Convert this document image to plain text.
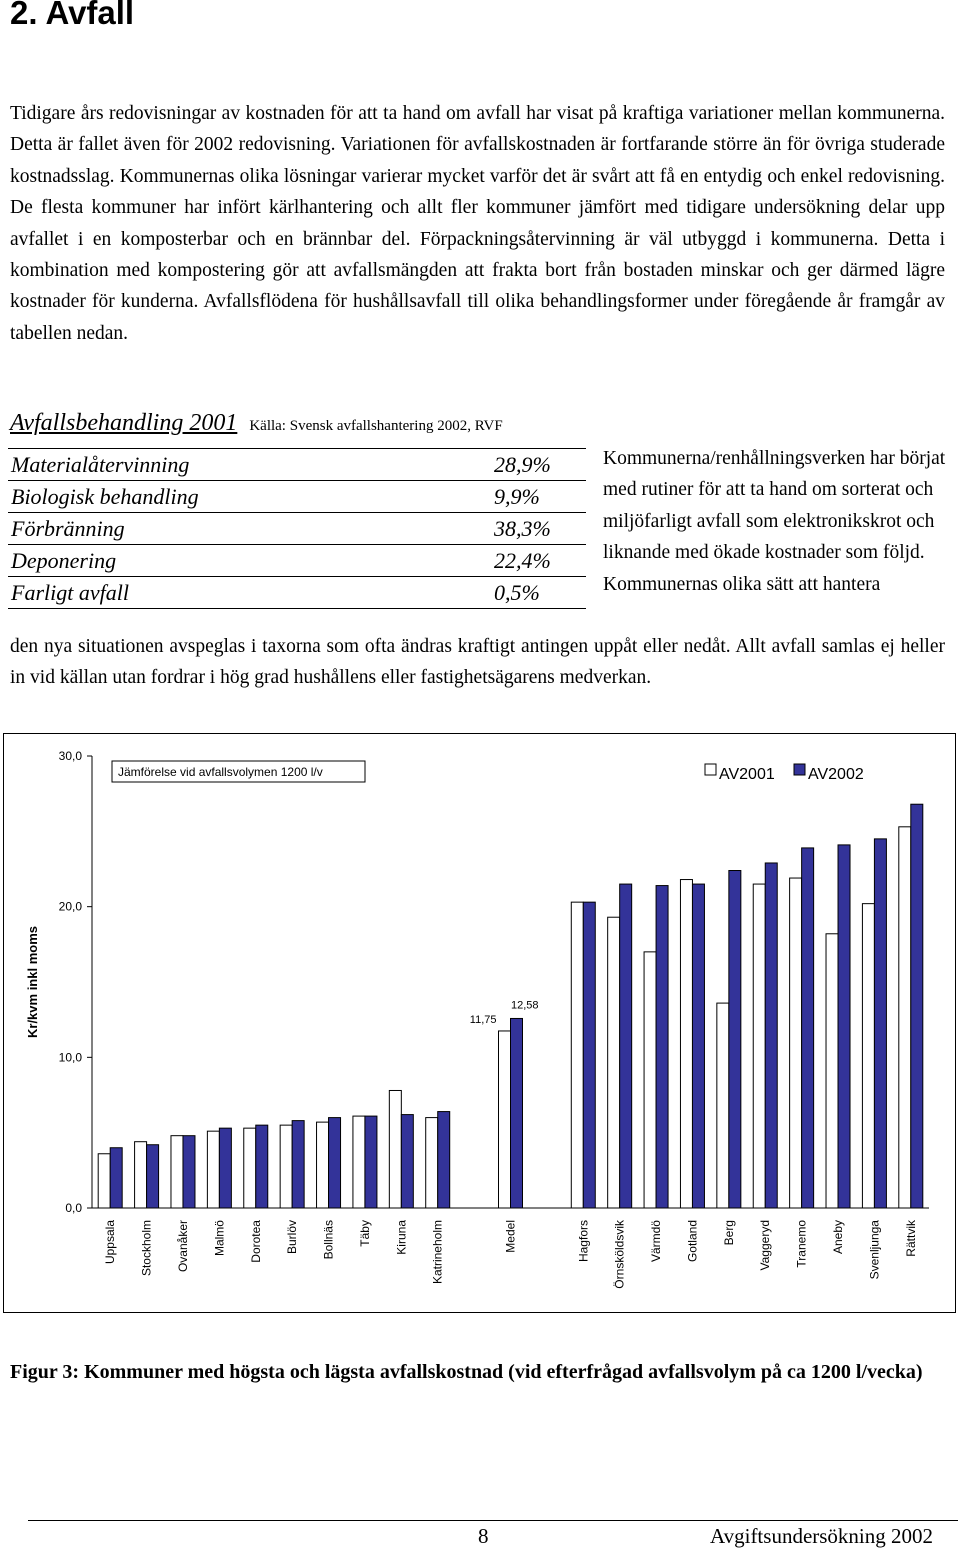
2. Avfall
Tidigare års redovisningar av kostnaden för att ta hand om avfall har visat på kraftiga variationer mellan kommunerna. Detta är fallet även för 2002 redovisning. Variationen för avfallskostnaden är fortfarande större än för övriga studerade kostnadsslag. Kommunernas olika lösningar varierar mycket varför det är svårt att få en entydig och enkel redovisning. De flesta kommuner har infört kärlhantering och allt fler kommuner jämfört med tidigare undersökning delar upp avfallet i en komposterbar och en brännbar del. Förpackningsåtervinning är väl utbyggd i kommunerna. Detta i kombination med kompostering gör att avfallsmängden att frakta bort från bostaden minskar och ger därmed lägre kostnader för kunderna. Avfallsflödena för hushållsavfall till olika behandlingsformer under föregående år framgår av tabellen nedan.
Avfallsbehandling 2001 Källa: Svensk avfallshantering 2002, RVF
Materialåtervinning	28,9%
Biologisk behandling	9,9%
Förbränning	38,3%
Deponering	22,4%
Farligt avfall	0,5%
Kommunerna/renhållningsverken har börjat med rutiner för att ta hand om sorterat och miljöfarligt avfall som elektronikskrot och liknande med ökade kostnader som följd. Kommunernas olika sätt att hantera
den nya situationen avspeglas i taxorna som ofta ändras kraftigt antingen uppåt eller nedåt. Allt avfall samlas ej heller in vid källan utan fordrar i hög grad hushållens eller fastighetsägarens medverkan.
0,0
10,0
20,0
30,0
Uppsala Stockholm Ovanåker Malmö Dorotea Burlöv Bollnäs Täby Kiruna Katrineholm	Medel	Hagfors Örnsköldsvik Värmdö Gotland Berg Vaggeryd Tranemo Aneby Svenljunga Rättvik
11,75
12,58
Kr/kvm inkl moms
Jämförelse vid avfallsvolymen 1200 l/v	AV2001 AV2002
Figur 3: Kommuner med högsta och lägsta avfallskostnad (vid efterfrågad avfallsvolym på ca 1200 l/vecka)
8	Avgiftsundersökning 2002
